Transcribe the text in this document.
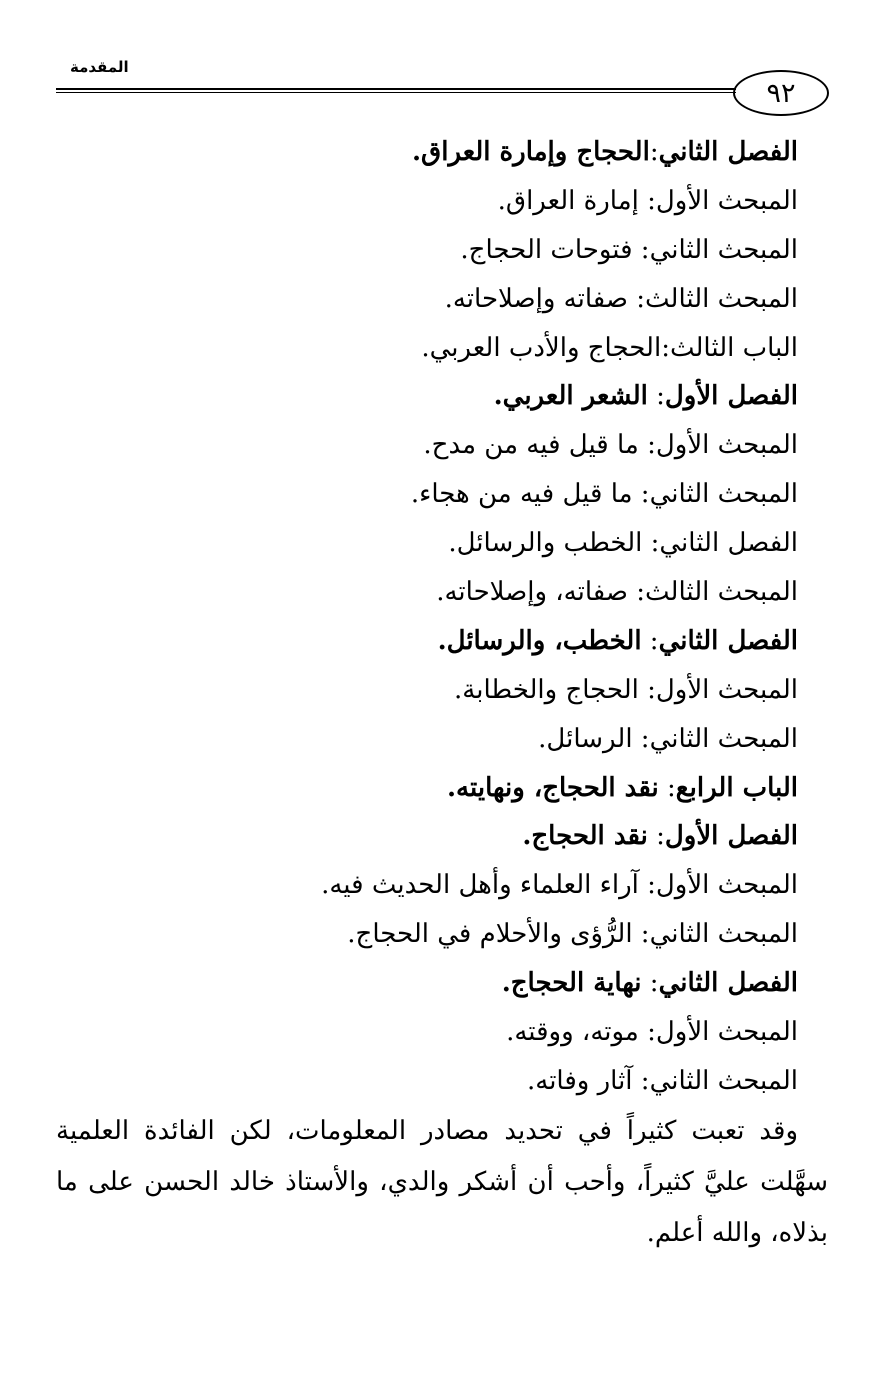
المقدمة
٩٢
الفصل الثاني:الحجاج وإمارة العراق.
المبحث الأول: إمارة العراق.
المبحث الثاني: فتوحات الحجاج.
المبحث الثالث: صفاته وإصلاحاته.
الباب الثالث:الحجاج والأدب العربي.
الفصل الأول: الشعر العربي.
المبحث الأول: ما قيل فيه من مدح.
المبحث الثاني: ما قيل فيه من هجاء.
الفصل الثاني: الخطب والرسائل.
المبحث الثالث: صفاته، وإصلاحاته.
الفصل الثاني: الخطب، والرسائل.
المبحث الأول: الحجاج والخطابة.
المبحث الثاني: الرسائل.
الباب الرابع: نقد الحجاج، ونهايته.
الفصل الأول: نقد الحجاج.
المبحث الأول: آراء العلماء وأهل الحديث فيه.
المبحث الثاني: الرُّؤى والأحلام في الحجاج.
الفصل الثاني: نهاية الحجاج.
المبحث الأول: موته، ووقته.
المبحث الثاني: آثار وفاته.

وقد تعبت كثيراً في تحديد مصادر المعلومات، لكن الفائدة العلمية سهَّلت عليَّ كثيراً، وأحب أن أشكر والدي، والأستاذ خالد الحسن على ما بذلاه، والله أعلم.
